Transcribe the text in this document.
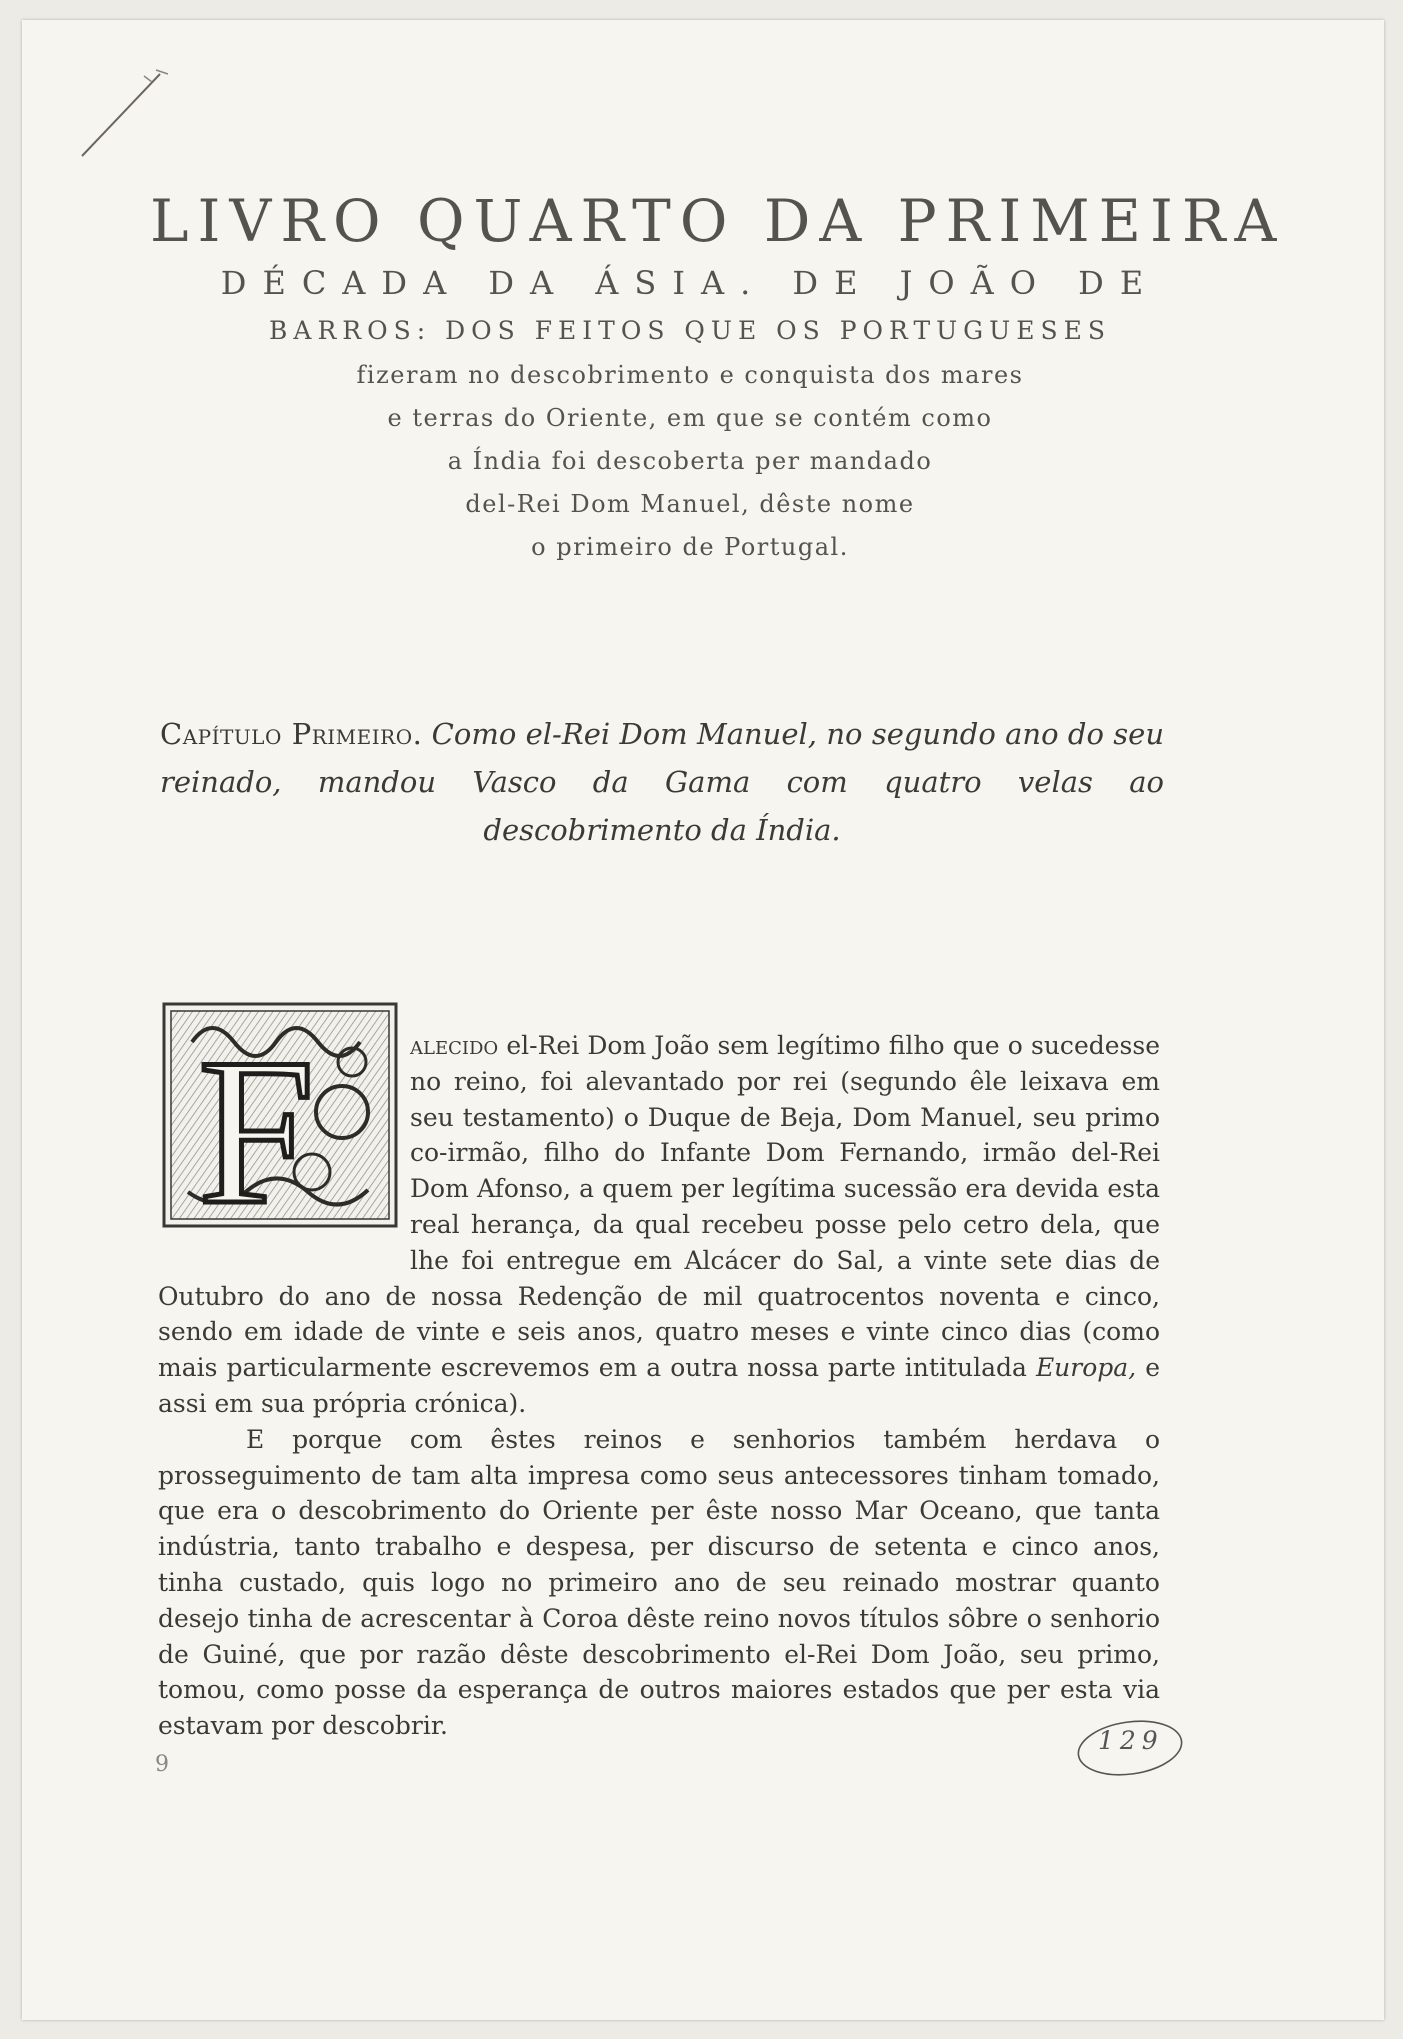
LIVRO QUARTO DA PRIMEIRA
DÉCADA DA ÁSIA. DE JOÃO DE
BARROS: DOS FEITOS QUE OS PORTUGUESES
fizeram no descobrimento e conquista dos mares
e terras do Oriente, em que se contém como
a Índia foi descoberta per mandado
del-Rei Dom Manuel, dêste nome
o primeiro de Portugal.

Capítulo Primeiro. Como el-Rei Dom Manuel, no segundo ano do seu reinado, mandou Vasco da Gama com quatro velas ao descobrimento da Índia.

F	alecido el-Rei Dom João sem legítimo filho que o sucedesse no reino, foi alevantado por rei (segundo êle leixava em seu testamento) o Duque de Beja, Dom Manuel, seu primo co-irmão, filho do Infante Dom Fernando, irmão del-Rei Dom Afonso, a quem per legítima sucessão era devida esta real herança, da qual recebeu posse pelo cetro dela, que lhe foi entregue em Alcácer do Sal, a vinte sete dias de Outubro do ano de nossa Redenção de mil quatrocentos noventa e cinco, sendo em idade de vinte e seis anos, quatro meses e vinte cinco dias (como mais particularmente escrevemos em a outra nossa parte intitulada Europa, e assi em sua própria crónica).

E porque com êstes reinos e senhorios também herdava o prosseguimento de tam alta impresa como seus antecessores tinham tomado, que era o descobrimento do Oriente per êste nosso Mar Oceano, que tanta indústria, tanto trabalho e despesa, per discurso de setenta e cinco anos, tinha custado, quis logo no primeiro ano de seu reinado mostrar quanto desejo tinha de acrescentar à Coroa dêste reino novos títulos sôbre o senhorio de Guiné, que por razão dêste descobrimento el-Rei Dom João, seu primo, tomou, como posse da esperança de outros maiores estados que per esta via estavam por descobrir.

9
129
